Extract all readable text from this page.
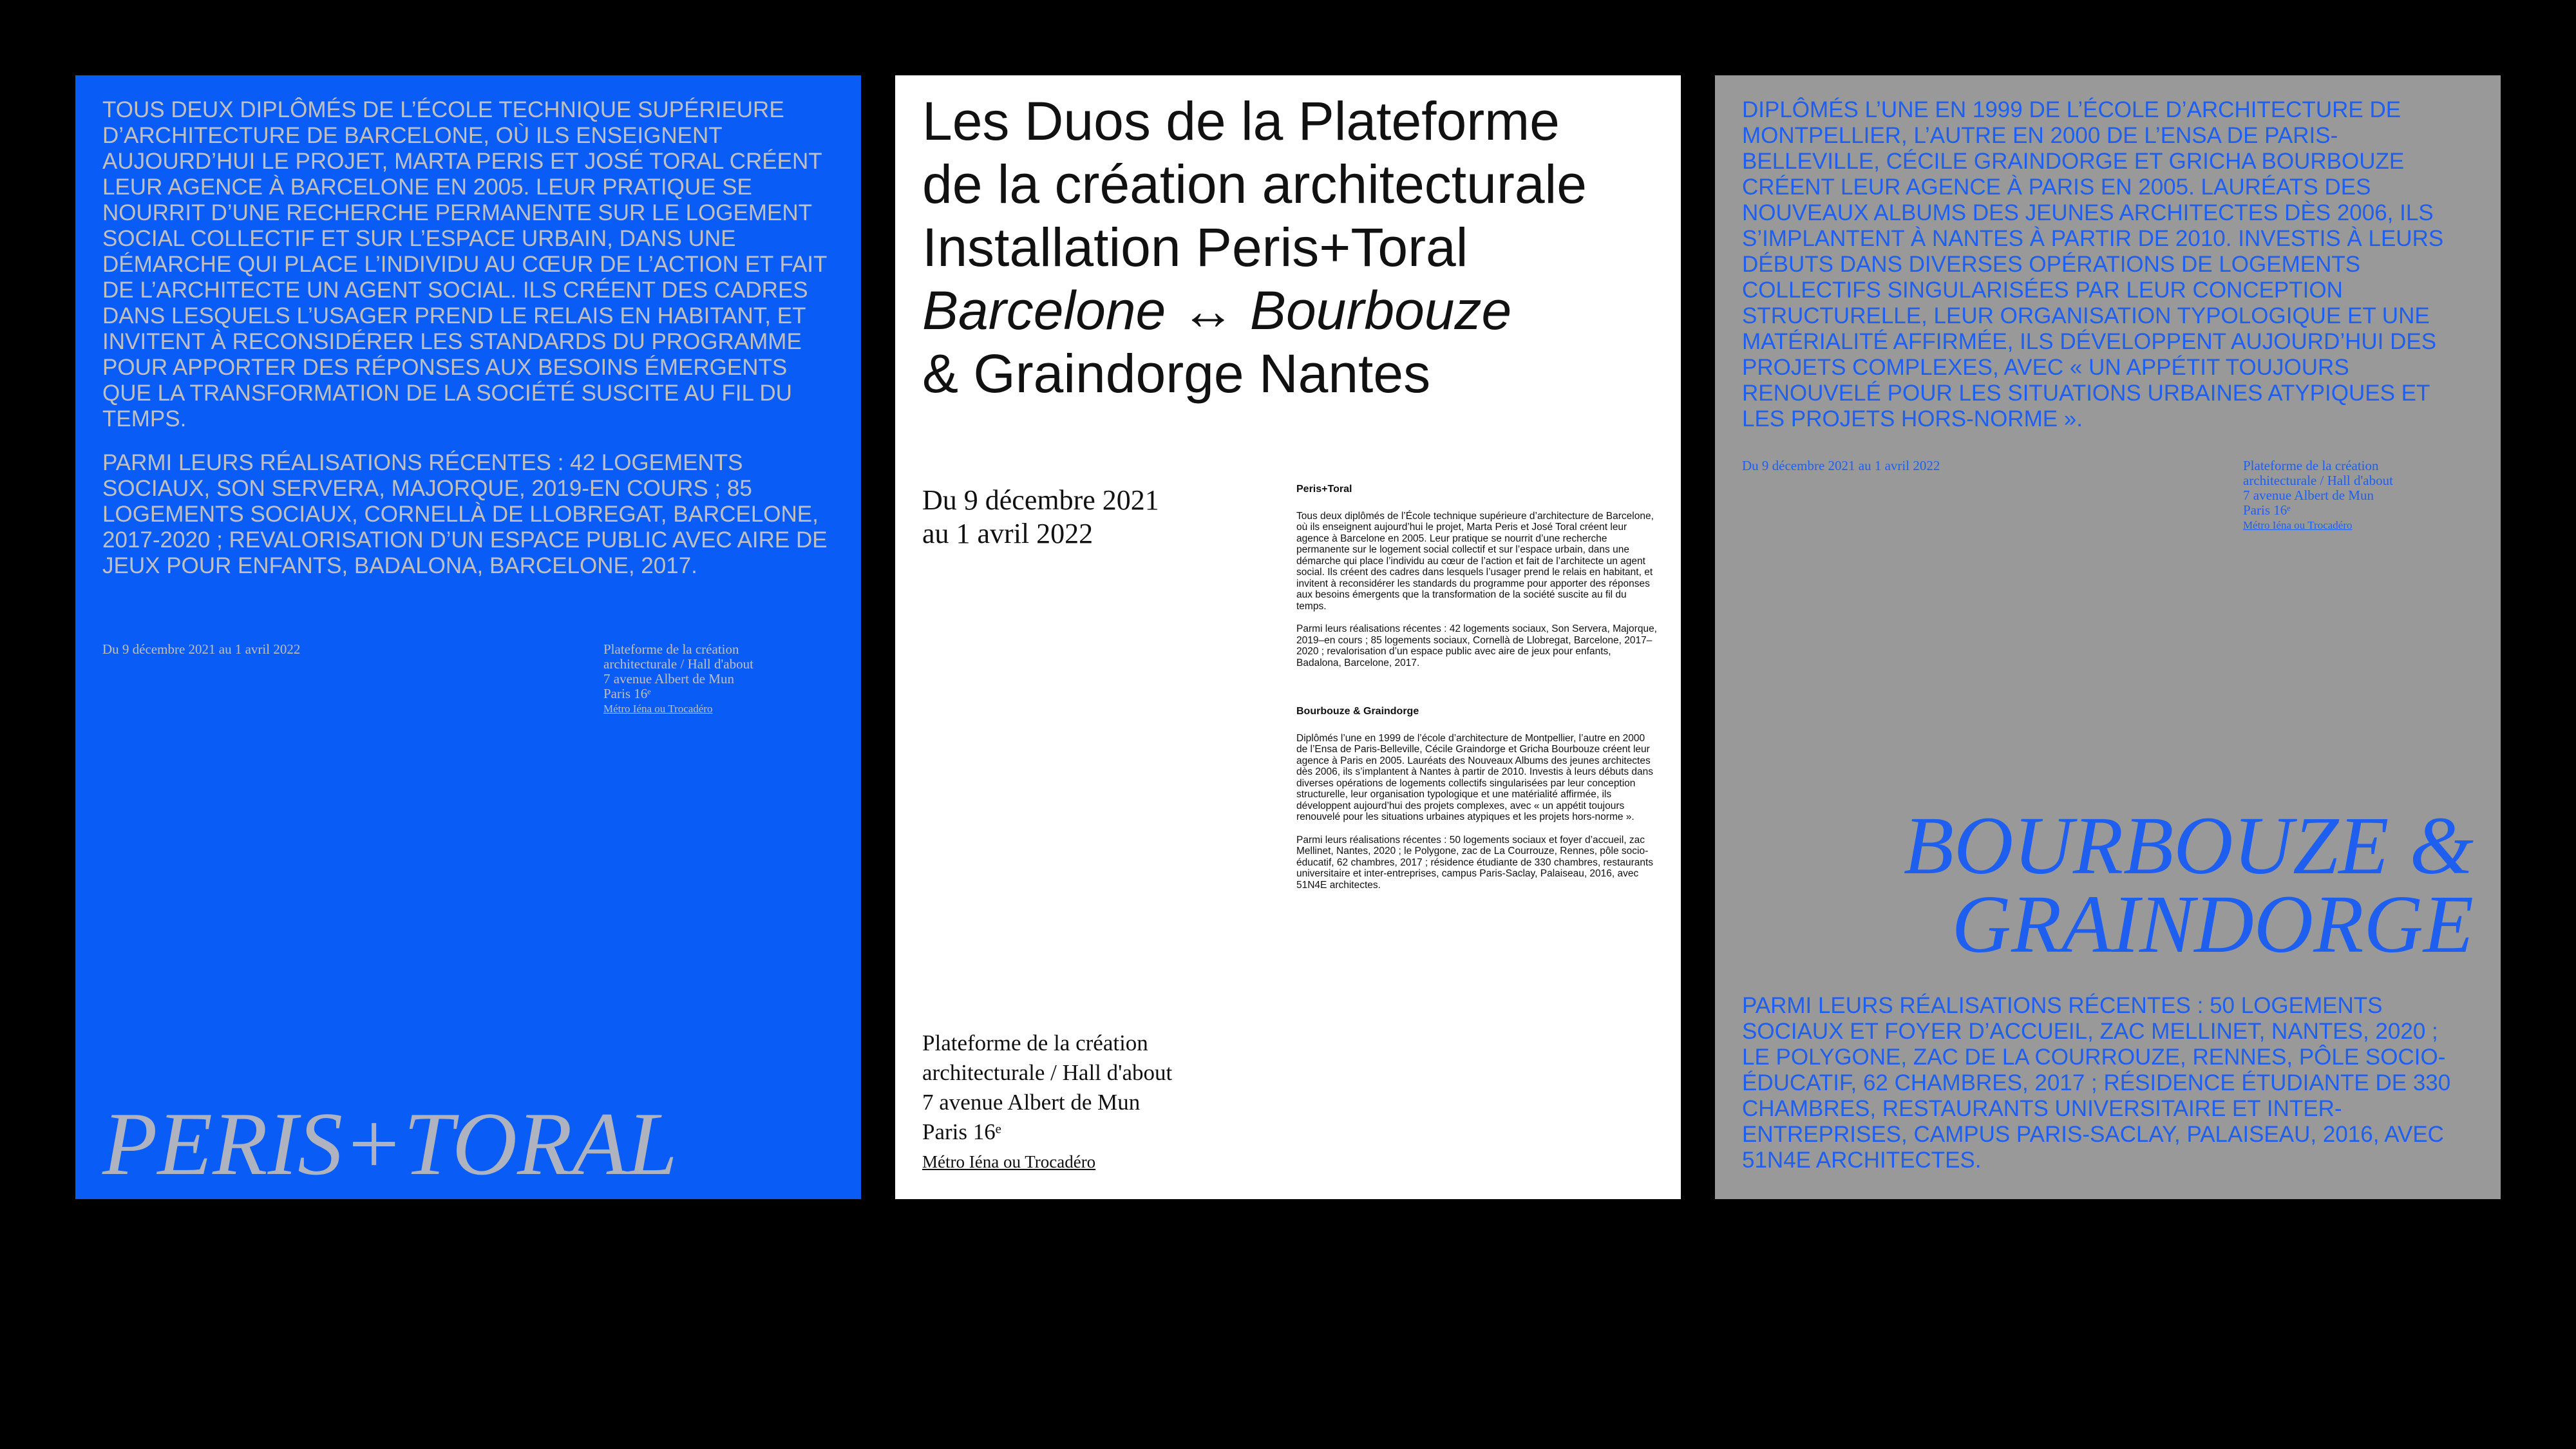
TOUS DEUX DIPLÔMÉS DE L’ÉCOLE TECHNIQUE SUPÉRIEURE D’ARCHITECTURE DE BARCELONE, OÙ ILS ENSEIGNENT AUJOURD’HUI LE PROJET, MARTA PERIS ET JOSÉ TORAL CRÉENT LEUR AGENCE À BARCELONE EN 2005. LEUR PRATIQUE SE NOURRIT D’UNE RECHERCHE PERMANENTE SUR LE LOGEMENT SOCIAL COLLECTIF ET SUR L’ESPACE URBAIN, DANS UNE DÉMARCHE QUI PLACE L’INDIVIDU AU CŒUR DE L’ACTION ET FAIT DE L’ARCHITECTE UN AGENT SOCIAL. ILS CRÉENT DES CADRES DANS LESQUELS L’USAGER PREND LE RELAIS EN HABITANT, ET INVITENT À RECONSIDÉRER LES STANDARDS DU PROGRAMME POUR APPORTER DES RÉPONSES AUX BESOINS ÉMERGENTS QUE LA TRANSFORMATION DE LA SOCIÉTÉ SUSCITE AU FIL DU TEMPS.

PARMI LEURS RÉALISATIONS RÉCENTES : 42 LOGEMENTS SOCIAUX, SON SERVERA, MAJORQUE, 2019-EN COURS ; 85 LOGEMENTS SOCIAUX, CORNELLÀ DE LLOBREGAT, BARCELONE, 2017-2020 ; REVALORISATION D’UN ESPACE PUBLIC AVEC AIRE DE JEUX POUR ENFANTS, BADALONA, BARCELONE, 2017.

Du 9 décembre 2021 au 1 avril 2022	Plateforme de la création
architecturale / Hall d'about
7 avenue Albert de Mun
Paris 16ᵉ
Métro Iéna ou Trocadéro
PERIS+TORAL
Les Duos de la Plateforme
de la création architecturale
Installation Peris+Toral
Barcelone ↔ Bourbouze
& Graindorge Nantes
Du 9 décembre 2021
au 1 avril 2022
Peris+Toral

Tous deux diplômés de l’École technique supérieure d’architecture de Barcelone, où ils enseignent aujourd’hui le projet, Marta Peris et José Toral créent leur agence à Barcelone en 2005. Leur pratique se nourrit d’une recherche permanente sur le logement social collectif et sur l’espace urbain, dans une démarche qui place l’individu au cœur de l’action et fait de l’architecte un agent social. Ils créent des cadres dans lesquels l’usager prend le relais en habitant, et invitent à reconsidérer les standards du programme pour apporter des réponses aux besoins émergents que la transformation de la société suscite au fil du temps.

Parmi leurs réalisations récentes : 42 logements sociaux, Son Servera, Majorque, 2019–en cours ; 85 logements sociaux, Cornellà de Llobregat, Barcelone, 2017–2020 ; revalorisation d’un espace public avec aire de jeux pour enfants, Badalona, Barcelone, 2017.

Bourbouze & Graindorge

Diplômés l’une en 1999 de l’école d’architecture de Montpellier, l’autre en 2000 de l’Ensa de Paris-Belleville, Cécile Graindorge et Gricha Bourbouze créent leur agence à Paris en 2005. Lauréats des Nouveaux Albums des jeunes architectes dès 2006, ils s’implantent à Nantes à partir de 2010. Investis à leurs débuts dans diverses opérations de logements collectifs singularisées par leur conception structurelle, leur organisation typologique et une matérialité affirmée, ils développent aujourd’hui des projets complexes, avec « un appétit toujours renouvelé pour les situations urbaines atypiques et les projets hors-norme ».

Parmi leurs réalisations récentes : 50 logements sociaux et foyer d’accueil, zac Mellinet, Nantes, 2020 ; le Polygone, zac de La Courrouze, Rennes, pôle socio-éducatif, 62 chambres, 2017 ; résidence étudiante de 330 chambres, restaurants universitaire et inter-entreprises, campus Paris-Saclay, Palaiseau, 2016, avec 51N4E architectes.

Plateforme de la création
architecturale / Hall d'about
7 avenue Albert de Mun
Paris 16ᵉ
Métro Iéna ou Trocadéro

DIPLÔMÉS L’UNE EN 1999 DE L’ÉCOLE D’ARCHITECTURE DE MONTPELLIER, L’AUTRE EN 2000 DE L’ENSA DE PARIS-BELLEVILLE, CÉCILE GRAINDORGE ET GRICHA BOURBOUZE CRÉENT LEUR AGENCE À PARIS EN 2005. LAURÉATS DES NOUVEAUX ALBUMS DES JEUNES ARCHITECTES DÈS 2006, ILS S’IMPLANTENT À NANTES À PARTIR DE 2010. INVESTIS À LEURS DÉBUTS DANS DIVERSES OPÉRATIONS DE LOGEMENTS COLLECTIFS SINGULARISÉES PAR LEUR CONCEPTION STRUCTURELLE, LEUR ORGANISATION TYPOLOGIQUE ET UNE MATÉRIALITÉ AFFIRMÉE, ILS DÉVELOPPENT AUJOURD’HUI DES PROJETS COMPLEXES, AVEC « UN APPÉTIT TOUJOURS RENOUVELÉ POUR LES SITUATIONS URBAINES ATYPIQUES ET LES PROJETS HORS-NORME ».

Du 9 décembre 2021 au 1 avril 2022	Plateforme de la création
architecturale / Hall d'about
7 avenue Albert de Mun
Paris 16ᵉ
Métro Iéna ou Trocadéro
BOURBOUZE &
GRAINDORGE

PARMI LEURS RÉALISATIONS RÉCENTES : 50 LOGEMENTS SOCIAUX ET FOYER D’ACCUEIL, ZAC MELLINET, NANTES, 2020 ; LE POLYGONE, ZAC DE LA COURROUZE, RENNES, PÔLE SOCIO-ÉDUCATIF, 62 CHAMBRES, 2017 ; RÉSIDENCE ÉTUDIANTE DE 330 CHAMBRES, RESTAURANTS UNIVERSITAIRE ET INTER-ENTREPRISES, CAMPUS PARIS-SACLAY, PALAISEAU, 2016, AVEC 51N4E ARCHITECTES.
